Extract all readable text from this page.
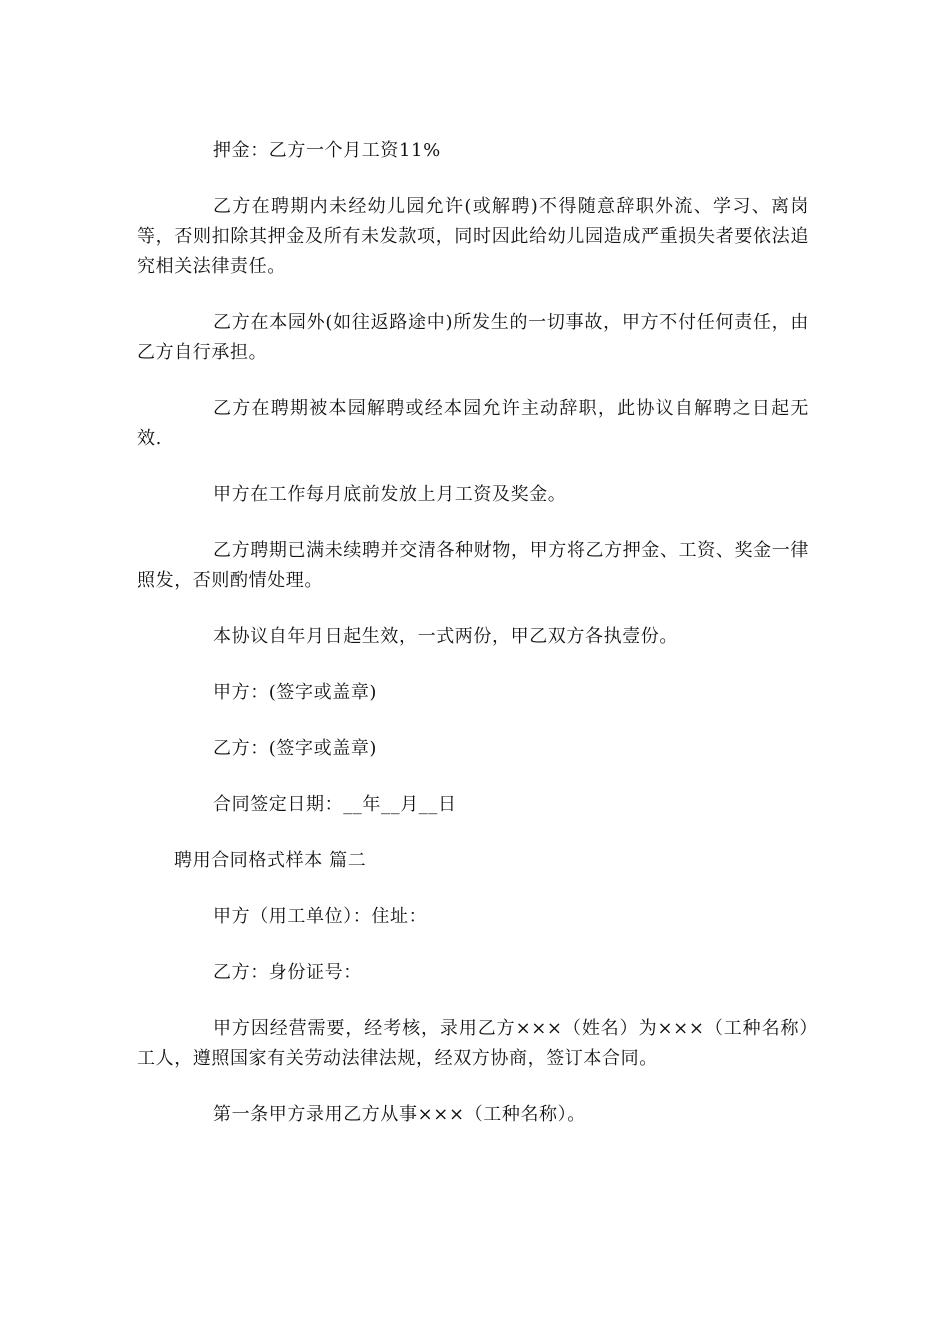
押金：乙方一个月工资11%

乙方在聘期内未经幼儿园允许(或解聘)不得随意辞职外流、学习、离岗等，否则扣除其押金及所有未发款项，同时因此给幼儿园造成严重损失者要依法追究相关法律责任。

乙方在本园外(如往返路途中)所发生的一切事故，甲方不付任何责任，由乙方自行承担。

乙方在聘期被本园解聘或经本园允许主动辞职，此协议自解聘之日起无效.

甲方在工作每月底前发放上月工资及奖金。

乙方聘期已满未续聘并交清各种财物，甲方将乙方押金、工资、奖金一律照发，否则酌情处理。

本协议自年月日起生效，一式两份，甲乙双方各执壹份。

甲方：(签字或盖章)

乙方：(签字或盖章)

合同签定日期：__年__月__日

聘用合同格式样本 篇二

甲方（用工单位）：住址：

乙方：身份证号：

甲方因经营需要，经考核，录用乙方×××（姓名）为×××（工种名称）工人，遵照国家有关劳动法律法规，经双方协商，签订本合同。

第一条甲方录用乙方从事×××（工种名称）。
